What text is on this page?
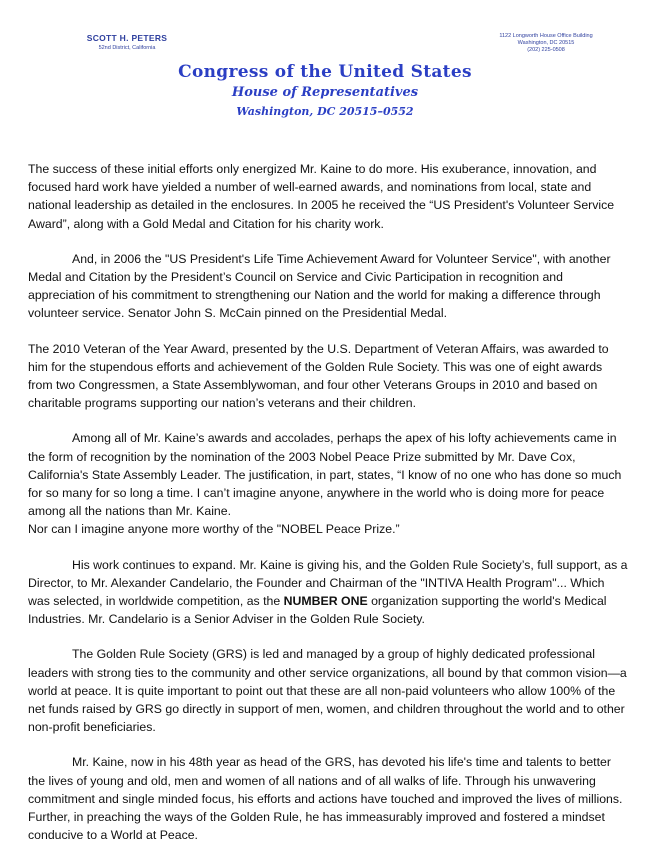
SCOTT H. PETERS
52nd District, California
Congress of the United States
House of Representatives
Washington, DC 20515–0552
1122 Longworth House Office Building
Washington, DC 20515
(202) 225-0508

The success of these initial efforts only energized Mr. Kaine to do more. His exuberance, innovation, and focused hard work have yielded a number of well-earned awards, and nominations from local, state and national leadership as detailed in the enclosures. In 2005 he received the “US President's Volunteer Service Award”, along with a Gold Medal and Citation for his charity work.

And, in 2006 the "US President's Life Time Achievement Award for Volunteer Service", with another Medal and Citation by the President’s Council on Service and Civic Participation in recognition and appreciation of his commitment to strengthening our Nation and the world for making a difference through volunteer service. Senator John S. McCain pinned on the Presidential Medal.

The 2010 Veteran of the Year Award, presented by the U.S. Department of Veteran Affairs, was awarded to him for the stupendous efforts and achievement of the Golden Rule Society. This was one of eight awards from two Congressmen, a State Assemblywoman, and four other Veterans Groups in 2010 and based on charitable programs supporting our nation’s veterans and their children.

Among all of Mr. Kaine’s awards and accolades, perhaps the apex of his lofty achievements came in the form of recognition by the nomination of the 2003 Nobel Peace Prize submitted by Mr. Dave Cox, California's State Assembly Leader. The justification, in part, states, “I know of no one who has done so much for so many for so long a time. I can’t imagine anyone, anywhere in the world who is doing more for peace among all the nations than Mr. Kaine.
Nor can I imagine anyone more worthy of the "NOBEL Peace Prize.”

His work continues to expand. Mr. Kaine is giving his, and the Golden Rule Society’s, full support, as a Director, to Mr. Alexander Candelario, the Founder and Chairman of the "INTIVA Health Program"... Which was selected, in worldwide competition, as the NUMBER ONE organization supporting the world's Medical Industries. Mr. Candelario is a Senior Adviser in the Golden Rule Society.

The Golden Rule Society (GRS) is led and managed by a group of highly dedicated professional leaders with strong ties to the community and other service organizations, all bound by that common vision—a world at peace. It is quite important to point out that these are all non-paid volunteers who allow 100% of the net funds raised by GRS go directly in support of men, women, and children throughout the world and to other non-profit beneficiaries.

Mr. Kaine, now in his 48th year as head of the GRS, has devoted his life's time and talents to better the lives of young and old, men and women of all nations and of all walks of life. Through his unwavering commitment and single minded focus, his efforts and actions have touched and improved the lives of millions. Further, in preaching the ways of the Golden Rule, he has immeasurably improved and fostered a mindset conducive to a World at Peace.
